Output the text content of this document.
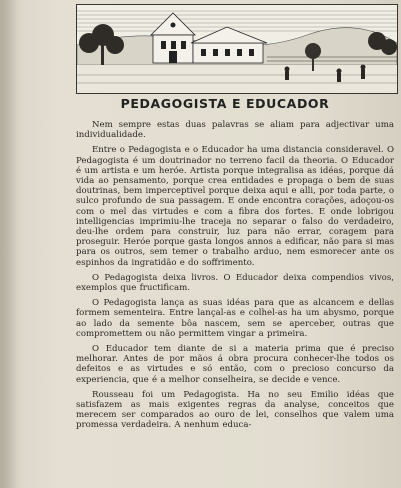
PEDAGOGISTA E EDUCADOR

Nem sempre estas duas palavras se aliam para adjectivar uma individualidade.

Entre o Pedagogista e o Educador ha uma distancia consideravel. O Pedagogista é um doutrinador no terreno facil da theoria. O Educador é um artista e um heróe. Artista porque integralisa as idéas, porque dá vida ao pensamento, porque crea entidades e propaga o bem de suas doutrinas, bem imperceptivel porque deixa aqui e alli, por toda parte, o sulco profundo de sua passagem. E onde encontra corações, adoçou-os com o mel das virtudes e com a fibra dos fortes. E onde lobrigou intelligencias imprimiu-lhe traceja no separar o falso do verdadeiro, deu-lhe ordem para construir, luz para não errar, coragem para proseguir. Heróe porque gasta longos annos a edificar, não para si mas para os outros, sem temer o trabalho arduo, nem esmorecer ante os espinhos da ingratidão e do soffrimento.

O Pedagogista deixa livros. O Educador deixa compendios vivos, exemplos que fructificam.

O Pedagogista lança as suas idéas para que as alcancem e dellas formem sementeira. Entre lançal-as e colhel-as ha um abysmo, porque ao lado da semente bôa nascem, sem se aperceber, outras que compromettem ou não permittem vingar a primeira.

O Educador tem diante de si a materia prima que é preciso melhorar. Antes de por mãos á obra procura conhecer-lhe todos os defeitos e as virtudes e só então, com o precioso concurso da experiencia, que é a melhor conselheira, se decide e vence.

Rousseau foi um Pedagogista. Ha no seu Emilio idéas que satisfazem as mais exigentes regras da analyse, conceitos que merecem ser comparados ao ouro de lei, conselhos que valem uma promessa verdadeira. A nenhum educa-
